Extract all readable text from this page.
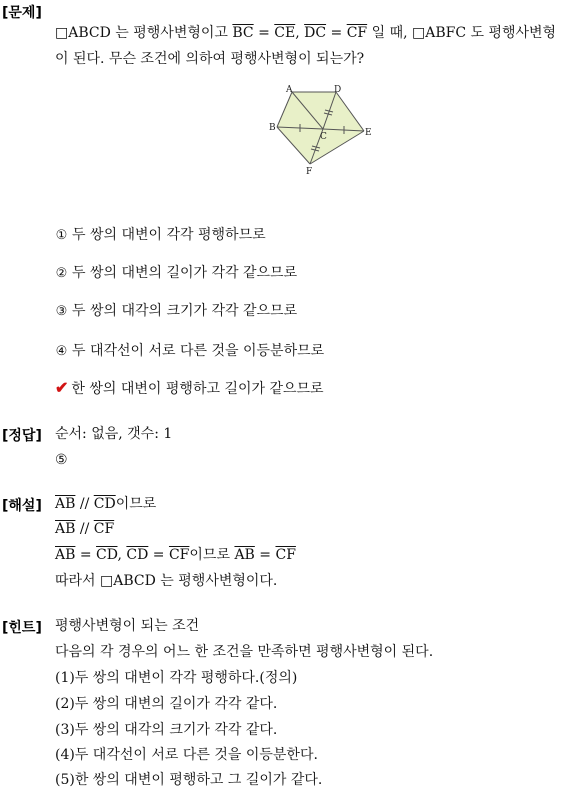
[문제]
□ABCD 는 평행사변형이고 $\overline{BC} = \overline{CE}$, $\overline{DC} = \overline{CF}$ 일 때, □ABFC 도 평행사변형
이 된다. 무슨 조건에 의하여 평행사변형이 되는가?
A	D
B
C	E
F
① 두 쌍의 대변이 각각 평행하므로
② 두 쌍의 대변의 길이가 각각 같으므로
③ 두 쌍의 대각의 크기가 각각 같으므로
④ 두 대각선이 서로 다른 것을 이등분하므로
✔ 한 쌍의 대변이 평행하고 길이가 같으므로
[정답] 순서: 없음, 갯수: 1
⑤
[해설] $\overline{AB} // \overline{CD}$이므로
$\overline{AB} // \overline{CF}$
$\overline{AB} = \overline{CD}$, $\overline{CD} = \overline{CF}$이므로 $\overline{AB} = \overline{CF}$
따라서 □ABCD 는 평행사변형이다.
[힌트] 평행사변형이 되는 조건
다음의 각 경우의 어느 한 조건을 만족하면 평행사변형이 된다.
(1)두 쌍의 대변이 각각 평행하다.(정의)
(2)두 쌍의 대변의 길이가 각각 같다.
(3)두 쌍의 대각의 크기가 각각 같다.
(4)두 대각선이 서로 다른 것을 이등분한다.
(5)한 쌍의 대변이 평행하고 그 길이가 같다.
